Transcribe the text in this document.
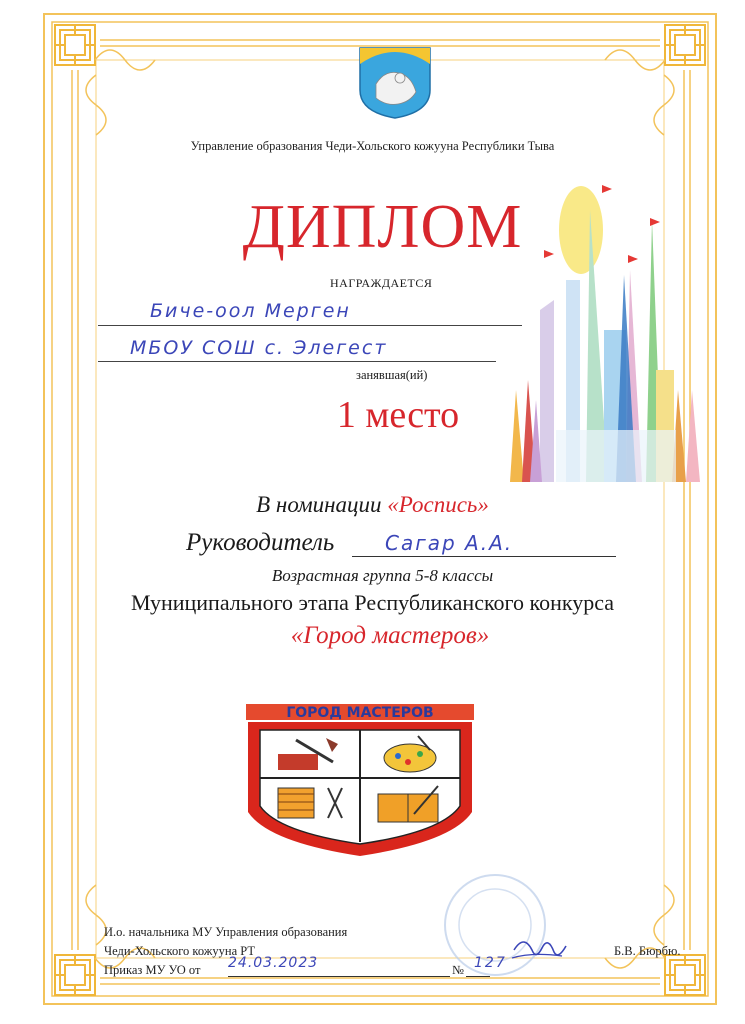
Управление образования Чеди-Хольского кожууна Республики Тыва
ДИПЛОМ
НАГРАЖДАЕТСЯ
Бичe-оол Мерген
МБОУ СОШ с. Элегест
занявшая(ий)
1 место
В номинации «Роспись»
Руководитель	Сагар А.А.
Возрастная группа 5-8 классы
Муниципального этапа Республиканского конкурса
«Город мастеров»
ГОРОД МАСТЕРОВ
И.о. начальника МУ Управления образования
Чеди-Хольского кожууна РТ
Приказ МУ УО от 24.03.2023	№ 127
Б.В. Бюрбю.
